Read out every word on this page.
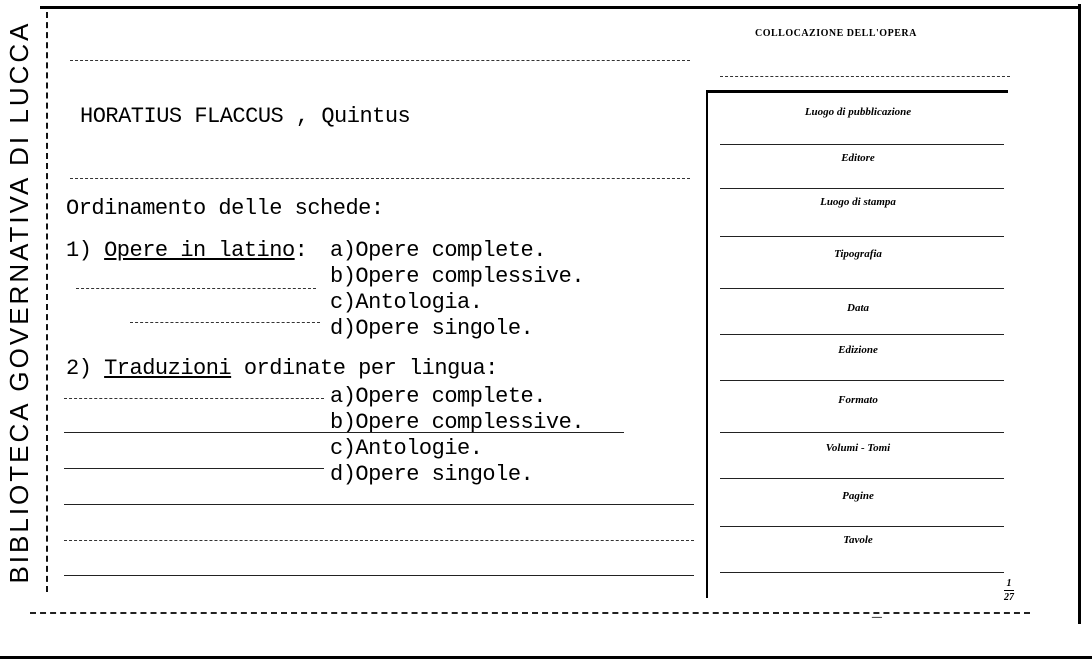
BIBLIOTECA GOVERNATIVA DI LUCCA HORATIUS FLACCUS , Quintus
Ordinamento delle schede:
1) Opere in latino: a)Opere complete.
b)Opere complessive.
c)Antologia.
d)Opere singole.
2) Traduzioni ordinate per lingua:
a)Opere complete.
b)Opere complessive.
c)Antologie.
d)Opere singole.
COLLOCAZIONE DELL'OPERA
Luogo di pubblicazione
Editore
Luogo di stampa
Tipografia
Data
Edizione
Formato
Volumi - Tomi
Pagine
Tavole
1
27
—
